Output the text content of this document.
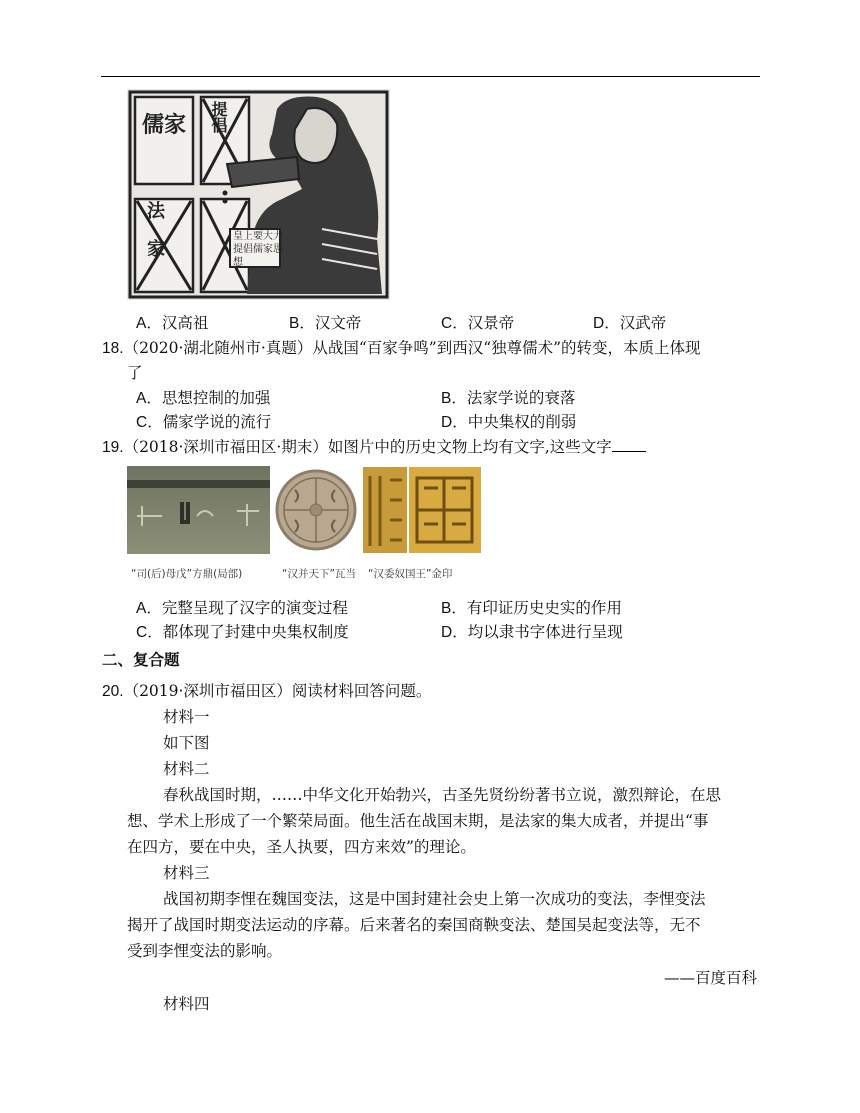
儒家
法家
提倡
皇上要大力提倡儒家思想
A．汉高祖	B．汉文帝	C．汉景帝	D．汉武帝
18.（2020·湖北随州市·真题）从战国“百家争鸣”到西汉“独尊儒术”的转变，本质上体现
了
A．思想控制的加强	B．法家学说的衰落
C．儒家学说的流行	D．中央集权的削弱
19.（2018·深圳市福田区·期末）如图片中的历史文物上均有文字,这些文字
“司(后)母戊”方鼎(局部)	“汉并天下”瓦当 “汉委奴国王”金印
A．完整呈现了汉字的演变过程	B．有印证历史史实的作用
C．都体现了封建中央集权制度	D．均以隶书字体进行呈现
二、复合题
20.（2019·深圳市福田区）阅读材料回答问题。
材料一
如下图
材料二
春秋战国时期，……中华文化开始勃兴，古圣先贤纷纷著书立说，激烈辩论，在思
想、学术上形成了一个繁荣局面。他生活在战国末期，是法家的集大成者，并提出“事
在四方，要在中央，圣人执要，四方来效”的理论。
材料三
战国初期李悝在魏国变法，这是中国封建社会史上第一次成功的变法，李悝变法
揭开了战国时期变法运动的序幕。后来著名的秦国商鞅变法、楚国吴起变法等，无不
受到李悝变法的影响。
——百度百科
材料四
